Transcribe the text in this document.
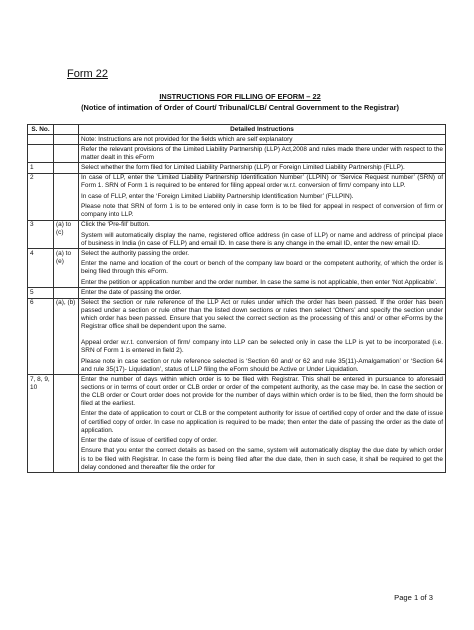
Form 22
INSTRUCTIONS FOR FILLING OF EFORM – 22
(Notice of intimation of Order of Court/ Tribunal/CLB/ Central Government to the Registrar)
S. No.		Detailed Instructions

		Note: Instructions are not provided for the fields which are self explanatory

		Refer the relevant provisions of the Limited Liability Partnership (LLP) Act,2008 and rules made there under with respect to the matter dealt in this eForm

1		Select whether the form filed for Limited Liability Partnership (LLP) or Foreign Limited Liability Partnership (FLLP).

2		In case of LLP, enter the ‘Limited Liability Partnership Identification Number’ (LLPIN) or ‘Service Request number’ (SRN) of Form 1. SRN of Form 1 is required to be entered for filing appeal order w.r.t. conversion of firm/ company into LLP.

In case of FLLP, enter the ‘Foreign Limited Liability Partnership Identification Number’ (FLLPIN).

Please note that SRN of form 1 is to be entered only in case form is to be filed for appeal in respect of conversion of firm or company into LLP.

3	(a) to (c)	Click the ‘Pre-fill’ button.

System will automatically display the name, registered office address (in case of LLP) or name and address of principal place of business in India (in case of FLLP) and email ID. In case there is any change in the email ID, enter the new email ID.

4	(a) to (e)	Select the authority passing the order.

Enter the name and location of the court or bench of the company law board or the competent authority, of which the order is being filed through this eForm.

Enter the petition or application number and the order number. In case the same is not applicable, then enter ‘Not Applicable’.

5		Enter the date of passing the order.

6	(a), (b)	Select the section or rule reference of the LLP Act or rules under which the order has been passed. If the order has been passed under a section or rule other than the listed down sections or rules then select ‘Others’ and specify the section under which order has been passed. Ensure that you select the correct section as the processing of this and/ or other eForms by the Registrar office shall be dependent upon the same.

Appeal order w.r.t. conversion of firm/ company into LLP can be selected only in case the LLP is yet to be incorporated (i.e. SRN of Form 1 is entered in field 2).

Please note in case section or rule reference selected is ‘Section 60 and/ or 62 and rule 35(11)-Amalgamation’ or ‘Section 64 and rule 35(17)- Liquidation’, status of LLP filing the eForm should be Active or Under Liquidation.

7, 8, 9, 10		Enter the number of days within which order is to be filed with Registrar. This shall be entered in pursuance to aforesaid sections or in terms of court order or CLB order or order of the competent authority, as the case may be. In case the section or the CLB order or Court order does not provide for the number of days within which order is to be filed, then the form should be filed at the earliest.

Enter the date of application to court or CLB or the competent authority for issue of certified copy of order and the date of issue of certified copy of order. In case no application is required to be made; then enter the date of passing the order as the date of application.

Enter the date of issue of certified copy of order.

Ensure that you enter the correct details as based on the same, system will automatically display the due date by which order is to be filed with Registrar. In case the form is being filed after the due date, then in such case, it shall be required to get the delay condoned and thereafter file the order for

Page 1 of 3
